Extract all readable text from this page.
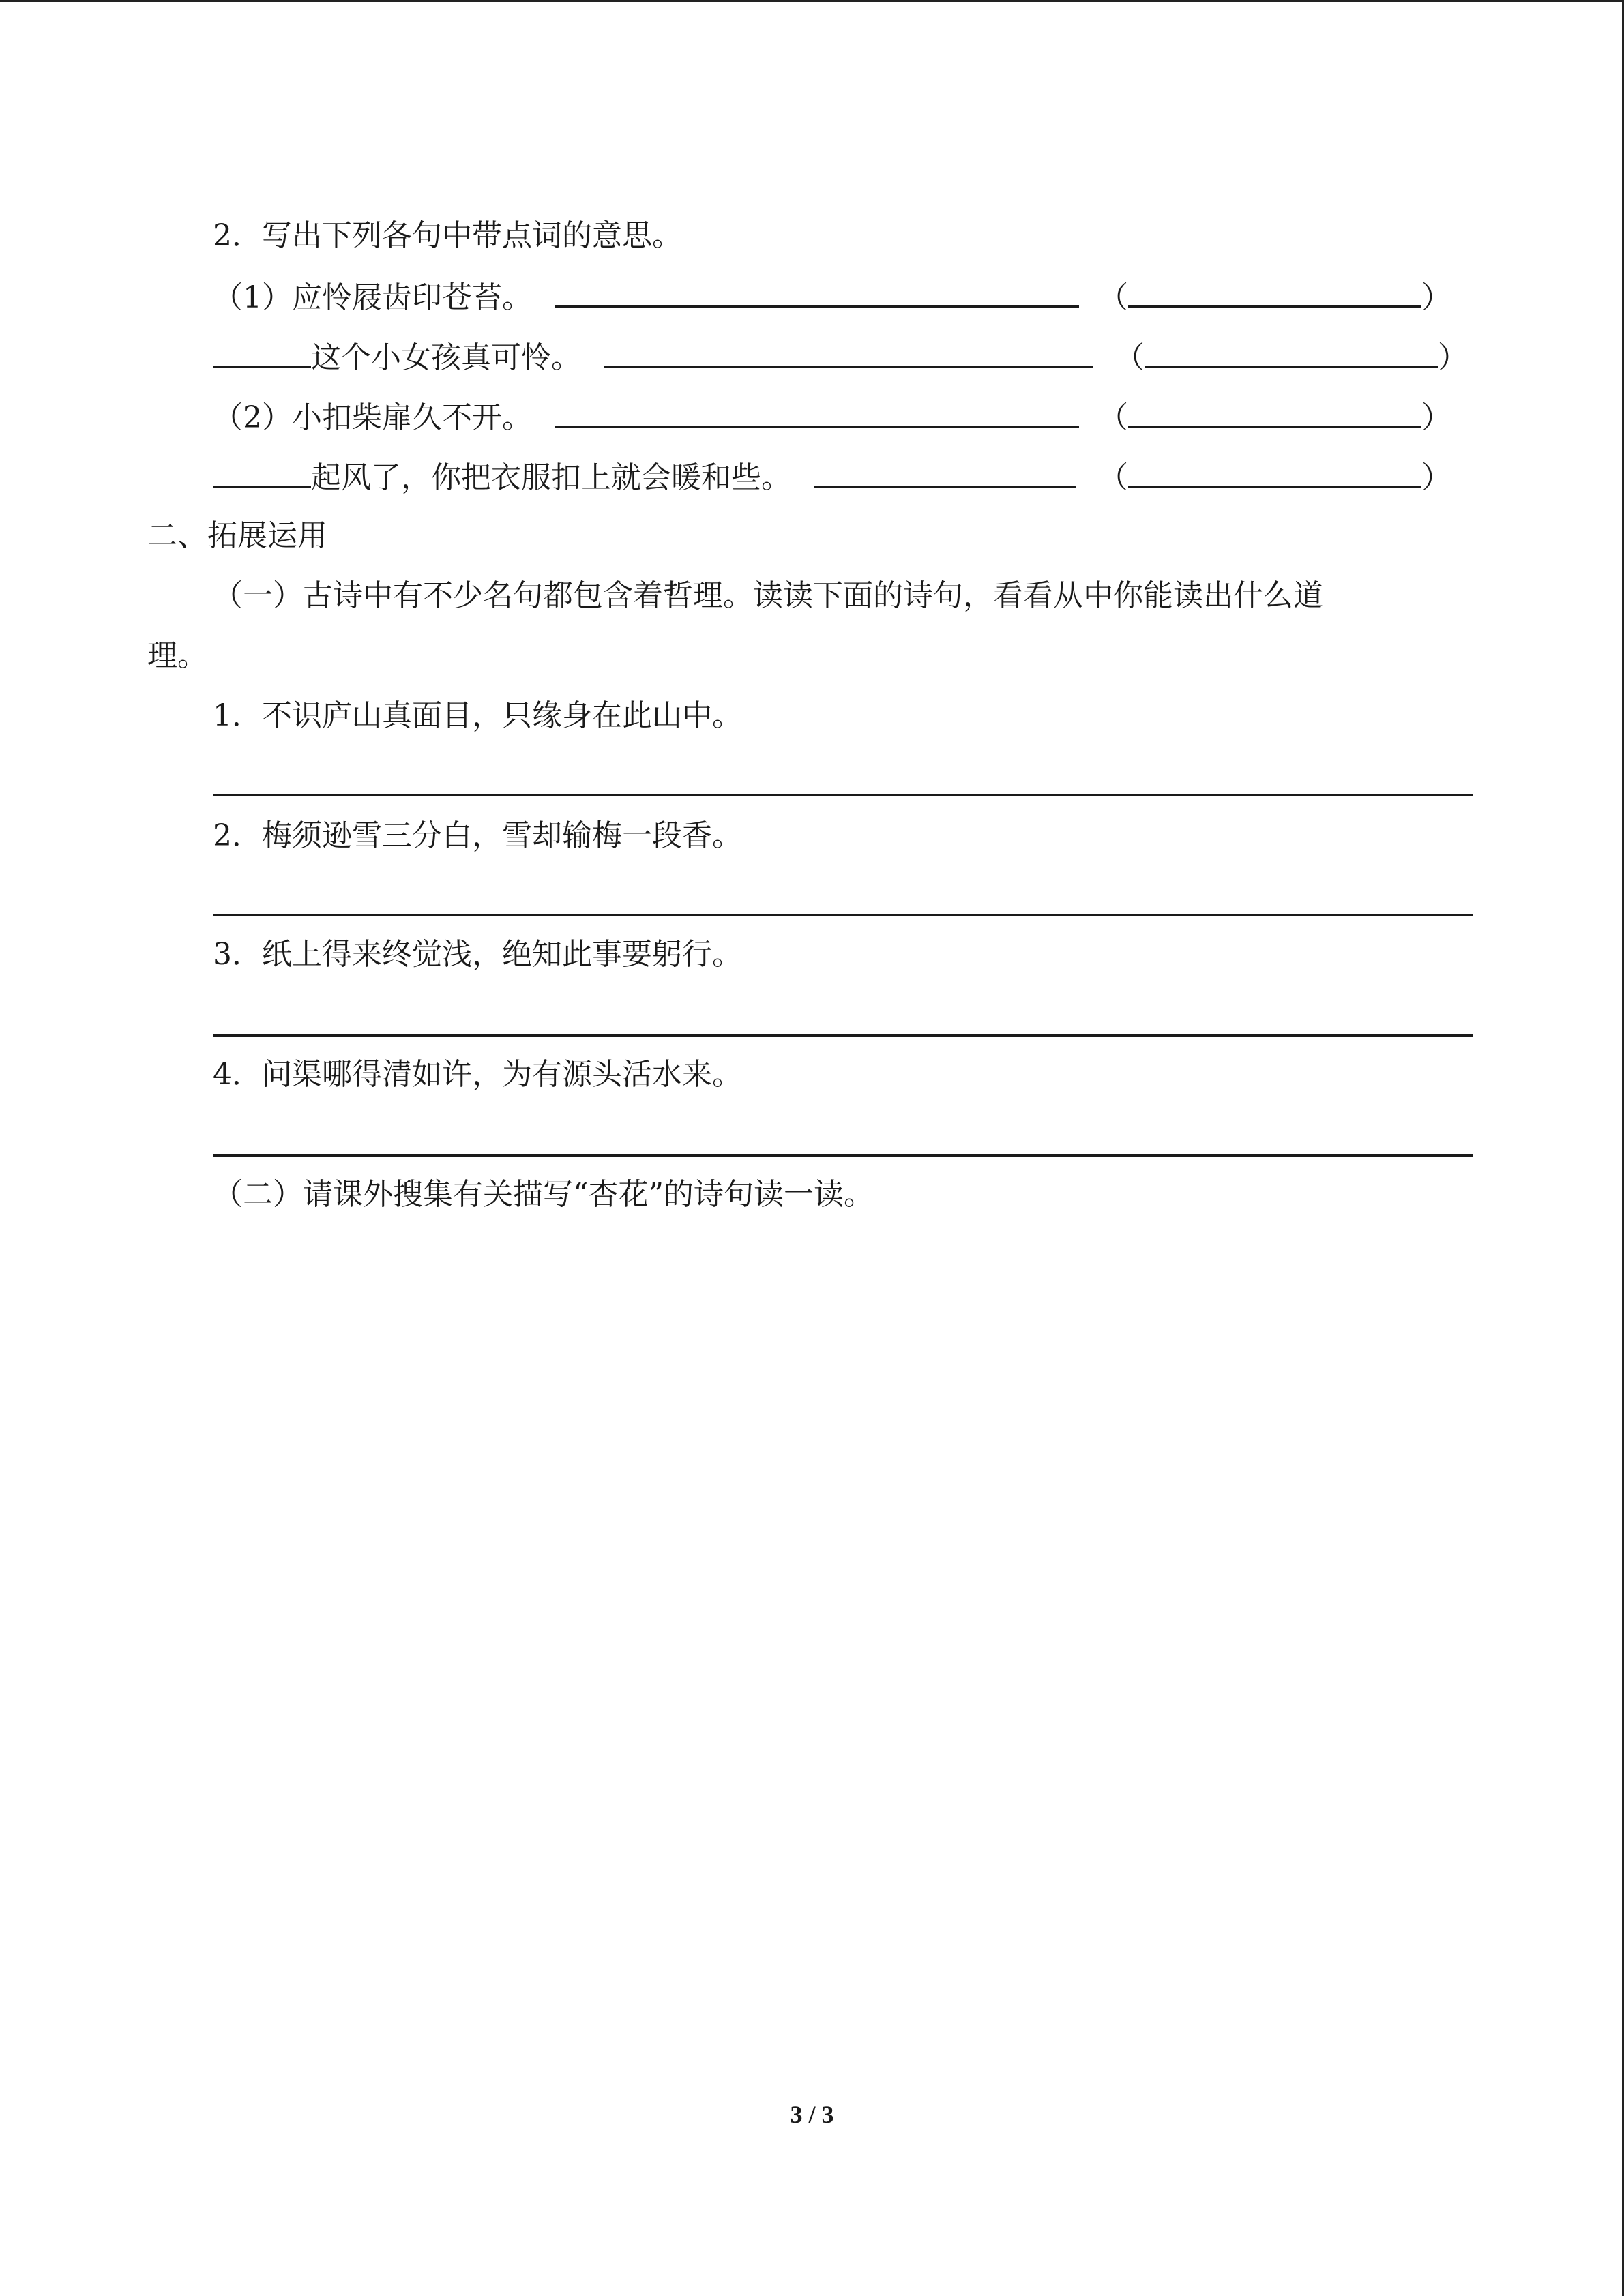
2．写出下列各句中带点词的意思。
（1）应怜屐齿印苍苔。	（	）
这个小女孩真可怜。	（	）
（2）小扣柴扉久不开。	（	）
起风了，你把衣服扣上就会暖和些。	（	）
二、拓展运用
（一）古诗中有不少名句都包含着哲理。读读下面的诗句，看看从中你能读出什么道
理。
1．不识庐山真面目，只缘身在此山中。
2．梅须逊雪三分白，雪却输梅一段香。
3．纸上得来终觉浅，绝知此事要躬行。
4．问渠哪得清如许，为有源头活水来。
（二）请课外搜集有关描写“杏花”的诗句读一读。
3 / 3
